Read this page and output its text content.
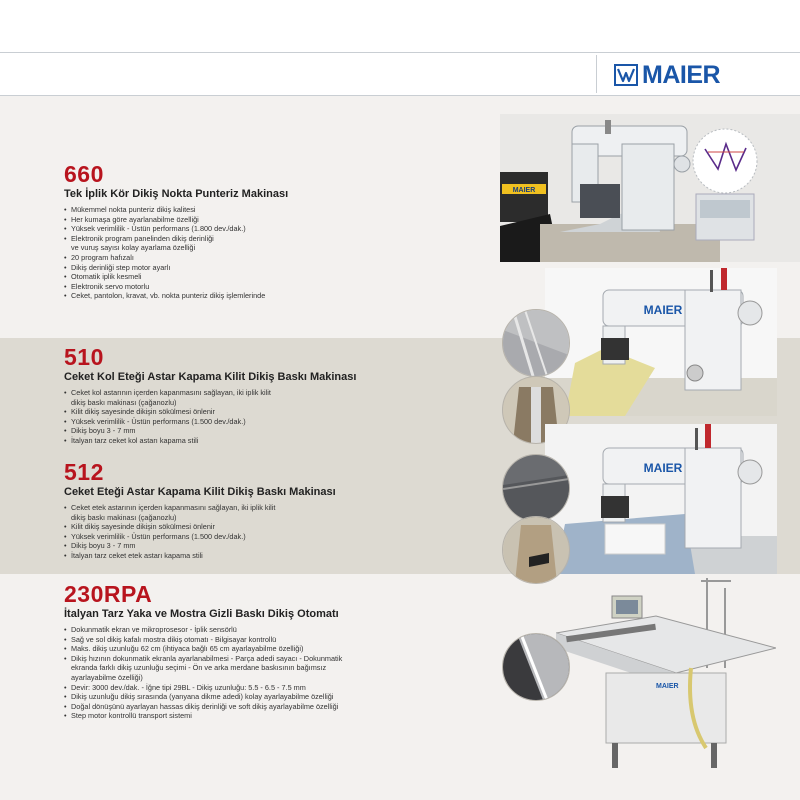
MAIER
660
Tek İplik Kör Dikiş Nokta Punteriz Makinası
• Mükemmel nokta punteriz dikiş kalitesi
• Her kumaşa göre ayarlanabilme özelliği
• Yüksek verimlilik - Üstün performans (1.800 dev./dak.)
• Elektronik program panelinden dikiş derinliği
ve vuruş sayısı kolay ayarlama özelliği
• 20 program hafızalı
• Dikiş derinliği step motor ayarlı
• Otomatik iplik kesmeli
• Elektronik servo motorlu
• Ceket, pantolon, kravat, vb. nokta punteriz dikiş işlemlerinde
MAIER
510
Ceket Kol Eteği Astar Kapama Kilit Dikiş Baskı Makinası
• Ceket kol astarının içerden kapanmasını sağlayan, iki iplik kilit
dikiş baskı makinası (çağanozlu)
• Kilit dikiş sayesinde dikişin sökülmesi önlenir
• Yüksek verimlilik - Üstün performans (1.500 dev./dak.)
• Dikiş boyu 3 - 7 mm
• İtalyan tarz ceket kol astarı kapama stili
MAIER
512
Ceket Eteği Astar Kapama Kilit Dikiş Baskı Makinası
• Ceket etek astarının içerden kapanmasını sağlayan, iki iplik kilit
dikiş baskı makinası (çağanozlu)
• Kilit dikiş sayesinde dikişin sökülmesi önlenir
• Yüksek verimlilik - Üstün performans (1.500 dev./dak.)
• Dikiş boyu 3 - 7 mm
• İtalyan tarz ceket etek astarı kapama stili
MAIER
230RPA
İtalyan Tarz Yaka ve Mostra Gizli Baskı Dikiş Otomatı
• Dokunmatik ekran ve mikroprosesor - İplik sensörlü
• Sağ ve sol dikiş kafalı mostra dikiş otomatı - Bilgisayar kontrollü
• Maks. dikiş uzunluğu 62 cm (ihtiyaca bağlı 65 cm ayarlayabilme özelliği)
• Dikiş hızının dokunmatik ekranla ayarlanabilmesi - Parça adedi sayacı - Dokunmatik
ekranda farklı dikiş uzunluğu seçimi - Ön ve arka merdane baskısının bağımsız
ayarlayabilme özelliği)
• Devir: 3000 dev./dak. - İğne tipi 29BL - Dikiş uzunluğu: 5.5 - 6.5 - 7.5 mm
• Dikiş uzunluğu dikiş sırasında (yanyana dikme adedi) kolay ayarlayabilme özelliği
• Doğal dönüşünü ayarlayan hassas dikiş derinliği ve soft dikiş ayarlayabilme özelliği
• Step motor kontrollü transport sistemi
MAIER
